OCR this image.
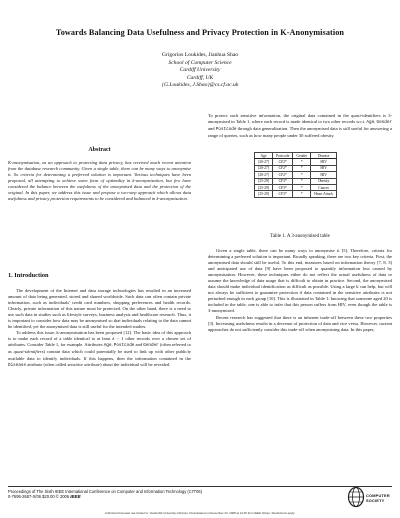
Towards Balancing Data Usefulness and Privacy Protection in K-Anonymisation
Grigorios Loukides, Jianhua Shao
School of Computer Science
Cardiff University
Cardiff, UK
{G.Loukides, J.Shao}@cs.cf.ac.uk
Abstract

K-anonymisation, as an approach to protecting data privacy, has received much recent attention from the database research community. Given a single table, there can be many ways to anonymise it. So criteria for determining a preferred solution is important. Various techniques have been proposed, all attempting to achieve some form of optimality in k-anonymisation, but few have considered the balance between the usefulness of the anonymised data and the protection of the original. In this paper, we address this issue and propose a two-step approach which allows data usefulness and privacy protection requirements to be considered and balanced in k-anonymisation.

1. Introduction

The development of the Internet and data storage technologies has resulted in an increased amount of data being generated, stored and shared worldwide. Such data can often contain private information, such as individuals' credit card numbers, shopping preferences and health records. Clearly, private information of this nature must be protected. On the other hand, there is a need to use such data in studies such as lifestyle surveys, business analysis and healthcare research. Thus, it is important to consider how data may be anonymised so that individuals relating to the data cannot be identified, yet the anonymised data is still useful for the intended studies.

To address this issue, k-anonymisation has been proposed [12]. The basic idea of this approach is to make each record of a table identical to at least k − 1 other records over a chosen set of attributes. Consider Table 1, for example. Attributes Age, Postcode and Gender (often referred to as quasi-identifiers) contain data which could potentially be used to link up with other publicly available data to identify individuals. If this happens, then the information contained in the Disease attribute (often called sensitive attribute) about the individual will be revealed.

To protect such sensitive information, the original data contained in the quasi-identifiers is 3-anonymised in Table 1, where each record is made identical to two other records w.r.t. Age, Gender and Postcode through data generalisation. Then the anonymised data is still useful for answering a range of queries, such as how many people under 30 suffered obesity.

Age	Postcode	Gender	Disease
[20-27]	CF2*	*	HIV
[20-27]	CF2*	*	HIV
[20-27]	CF2*	*	HIV
[25-29]	CF3*	*	Obesity
[25-29]	CF3*	*	Cancer
[25-29]	CF3*	*	Heart Attack
Table 1. A 3-anonymised table

Given a single table, there can be many ways to anonymise it [5]. Therefore, criteria for determining a preferred solution is important. Broadly speaking, there are two key criteria. First, the anonymised data should still be useful. To this end, measures based on information theory [7, 8, 3] and anticipated use of data [9] have been proposed to quantify information loss caused by anonymisation. However, these techniques either do not reflect the actual usefulness of data or assume the knowledge of data usage that is difficult to obtain in practice. Second, the anonymised data should make individual identification as difficult as possible. Using a large k can help, but will not always be sufficient to guarantee protection if data contained in the sensitive attributes is not perturbed enough in each group [10]. This is illustrated in Table 1: knowing that someone aged 20 is included in the table, one is able to infer that this person suffers from HIV, even though the table is 3-anonymised.

Recent research has suggested that there is an inherent trade-off between these two properties [3]. Increasing usefulness results in a decrease of protection of data and vice versa. However, current approaches do not sufficiently consider this trade-off when anonymising data. In this paper,

Proceedings of The Sixth IEEE International Conference on Computer and Information Technology (CIT'06)
0-7695-2687-X/06 $20.00 © 2006 IEEE	COMPUTER
SOCIETY
Authorized licensed use limited to: Vanderbilt University Libraries. Downloaded on December 23, 2008 at 14:00 from IEEE Xplore. Restrictions apply.
